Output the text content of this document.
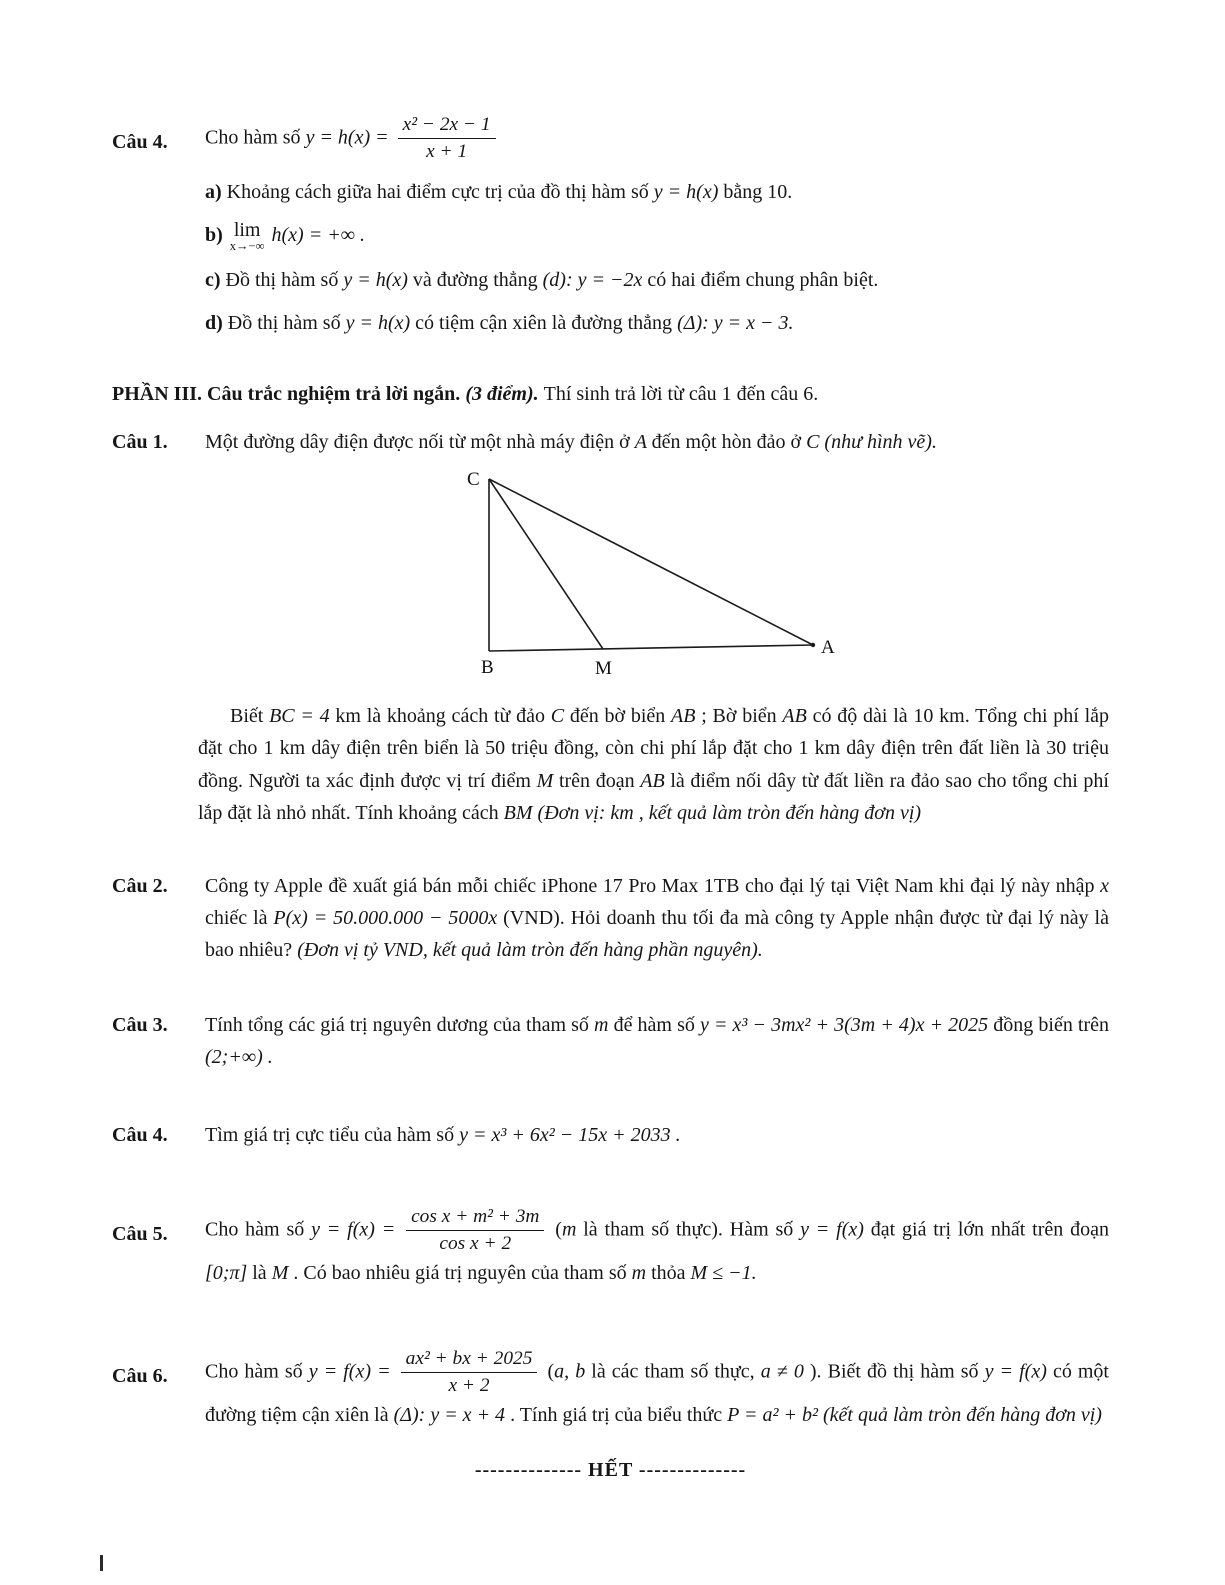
Câu 4.	Cho hàm số $y = h(x) = \frac{\text{x² − 2x − 1}}{x + 1}$

a) Khoảng cách giữa hai điểm cực trị của đồ thị hàm số y = h(x) bằng 10.

b) lim
x→−∞ h(x) = +∞ .

c) Đồ thị hàm số y = h(x) và đường thẳng (d): y = −2x có hai điểm chung phân biệt.

d) Đồ thị hàm số y = h(x) có tiệm cận xiên là đường thẳng (Δ): y = x − 3.

PHẦN III. Câu trắc nghiệm trả lời ngắn. (3 điểm). Thí sinh trả lời từ câu 1 đến câu 6.

Câu 1.	Một đường dây điện được nối từ một nhà máy điện ở A đến một hòn đảo ở C (như hình vẽ).
C
B	M
A

Biết BC = 4 km là khoảng cách từ đảo C đến bờ biển AB ; Bờ biển AB có độ dài là 10 km. Tổng chi phí lắp đặt cho 1 km dây điện trên biển là 50 triệu đồng, còn chi phí lắp đặt cho 1 km dây điện trên đất liền là 30 triệu đồng. Người ta xác định được vị trí điểm M trên đoạn AB là điểm nối dây từ đất liền ra đảo sao cho tổng chi phí lắp đặt là nhỏ nhất. Tính khoảng cách BM (Đơn vị: km , kết quả làm tròn đến hàng đơn vị)

Câu 2.	Công ty Apple đề xuất giá bán mỗi chiếc iPhone 17 Pro Max 1TB cho đại lý tại Việt Nam khi đại lý này nhập x chiếc là P(x) = 50.000.000 − 5000x (VND). Hỏi doanh thu tối đa mà công ty Apple nhận được từ đại lý này là bao nhiêu? (Đơn vị tỷ VND, kết quả làm tròn đến hàng phần nguyên).
Câu 3.	Tính tổng các giá trị nguyên dương của tham số m để hàm số y = x³ − 3mx² + 3(3m + 4)x + 2025 đồng biến trên (2;+∞) .
Câu 4.	Tìm giá trị cực tiểu của hàm số y = x³ + 6x² − 15x + 2033 .
Câu 5.	Cho hàm số $y = f(x) = \frac{\text{cos x + m² + 3m}}{\text{cos x + 2}} (m$ là tham số thực). Hàm số y = f(x) đạt giá trị lớn nhất trên đoạn [0;π] là M . Có bao nhiêu giá trị nguyên của tham số m thỏa M ≤ −1.
Câu 6.	Cho hàm số $y = f(x) = \frac{\text{ax² + bx + 2025}}{x + 2} (a$, b là các tham số thực, a ≠ 0 ). Biết đồ thị hàm số y = f(x) có một đường tiệm cận xiên là (Δ): y = x + 4 . Tính giá trị của biểu thức P = a² + b² (kết quả làm tròn đến hàng đơn vị)

-------------- HẾT --------------
